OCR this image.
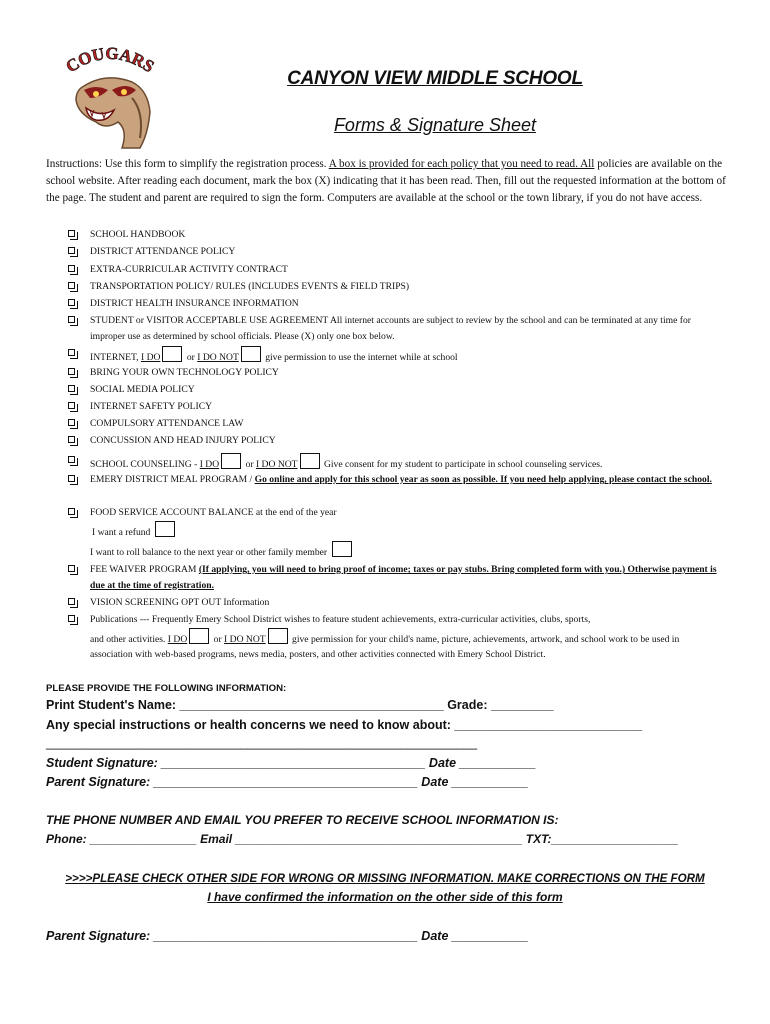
COUGARS
CANYON VIEW MIDDLE SCHOOL
Forms & Signature Sheet
Instructions: Use this form to simplify the registration process. A box is provided for each policy that you need to read. All policies are available on the school website. After reading each document, mark the box (X) indicating that it has been read. Then, fill out the requested information at the bottom of the page. The student and parent are required to sign the form. Computers are available at the school or the town library, if you do not have access.
SCHOOL HANDBOOK
DISTRICT ATTENDANCE POLICY
EXTRA-CURRICULAR ACTIVITY CONTRACT
TRANSPORTATION POLICY/ RULES (INCLUDES EVENTS & FIELD TRIPS)
DISTRICT HEALTH INSURANCE INFORMATION
STUDENT or VISITOR ACCEPTABLE USE AGREEMENT All internet accounts are subject to review by the school and can be terminated at any time for improper use as determined by school officials. Please (X) only one box below.
INTERNET, I DO	or I DO NOT	give permission to use the internet while at school
BRING YOUR OWN TECHNOLOGY POLICY
SOCIAL MEDIA POLICY
INTERNET SAFETY POLICY
COMPULSORY ATTENDANCE LAW
CONCUSSION AND HEAD INJURY POLICY
SCHOOL COUNSELING - I DO	or I DO NOT	Give consent for my student to participate in school counseling services.
EMERY DISTRICT MEAL PROGRAM / Go online and apply for this school year as soon as possible. If you need help applying, please contact the school.
FOOD SERVICE ACCOUNT BALANCE at the end of the year
I want a refund
I want to roll balance to the next year or other family member
FEE WAIVER PROGRAM (If applying, you will need to bring proof of income; taxes or pay stubs. Bring completed form with you.) Otherwise payment is due at the time of registration.
VISION SCREENING OPT OUT Information
Publications --- Frequently Emery School District wishes to feature student achievements, extra-curricular activities, clubs, sports,
and other activities. I DO	or I DO NOT	give permission for your child's name, picture, achievements, artwork, and school work to be used in association with web-based programs, news media, posters, and other activities connected with Emery School District.
PLEASE PROVIDE THE FOLLOWING INFORMATION:
Print Student's Name: ______________________________________ Grade: _________
Any special instructions or health concerns we need to know about: ___________________________
______________________________________________________________
Student Signature: ______________________________________ Date ___________
Parent Signature: ______________________________________ Date ___________
THE PHONE NUMBER AND EMAIL YOU PREFER TO RECEIVE SCHOOL INFORMATION IS:
Phone: ________________ Email ___________________________________________ TXT:___________________
>>>>PLEASE CHECK OTHER SIDE FOR WRONG OR MISSING INFORMATION. MAKE CORRECTIONS ON THE FORM
I have confirmed the information on the other side of this form
Parent Signature: ______________________________________ Date ___________
